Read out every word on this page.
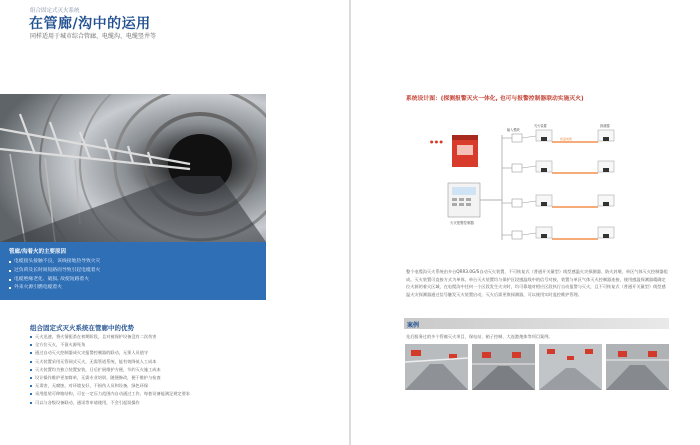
组合固定式灭火系统
在管廊/沟中的运用
同样适用于城市综合管廊、电缆沟、电缆竖井等
管廊/沟着火的主要原因
电缆接头接触不良，该线接地热导致火灾
过负荷及长时间短路而导致引起电缆着火
电缆绝缘老化、破损, 故使短路着火
外来火源引燃电缆着火
组合固定式灭火系统在管廊中的优势
灭火迅速，将火情扼杀在初期阶段，且对被保护设备没有二次伤害
全方位灭火，不留火源死角
通过自动灭火控制器成火灾报警控制器的联动，无须人员值守
灭火装置采用无管网式灭火，无需管道系统，能有效降低人工成本
灭火装置均为独立装置安装，日后扩展维护方便，节约灭火施工成本
设计操作维护更加简单，无需专业培训，随便修改，便于维护与检查
无毒害，无腐蚀，对环境友好，不损伤人员和设备，绿色环保
采用组装可伸缩结构，可在一定压力范围内自动通过工作，每套设备能满足规定要求
可以与各级设备联动，通讯等申请使用，不会引起误操作
系统设计图：(探测报警灭火一体化, 也可与报警控制器联动实施灭火)
● ● ●
火灾报警控制器
输入模块
灭火装置
感温电缆
探测器
整个电缆沟灭火系统由多台QRR3.0G/S自动灭火装置、不可恢复式（普通开关量型）线型感温火灾探测器、防火封堵、单区气体灭火控制器组成。灭火装置可直接方式为单体，单台灭火装置均与保护区段感温线中的信号对接，装置与单区气体灭火控制器连接，使用感温探测器精确定位火源的着火区域，在电缆沟中任何一个区段发生火灾时，均可靠地对相应区段执行自动报警与灭火，且不可恢复式（普通开关量型）线型感温火灾探测器通过信号触发灭火装置启动，灭火后需更换探测器，可以使用实时监控维护管理。
案例
先后服务过的多个管廊灭火项目，保电站、箱子控制、大连港炮体等项目案例。
